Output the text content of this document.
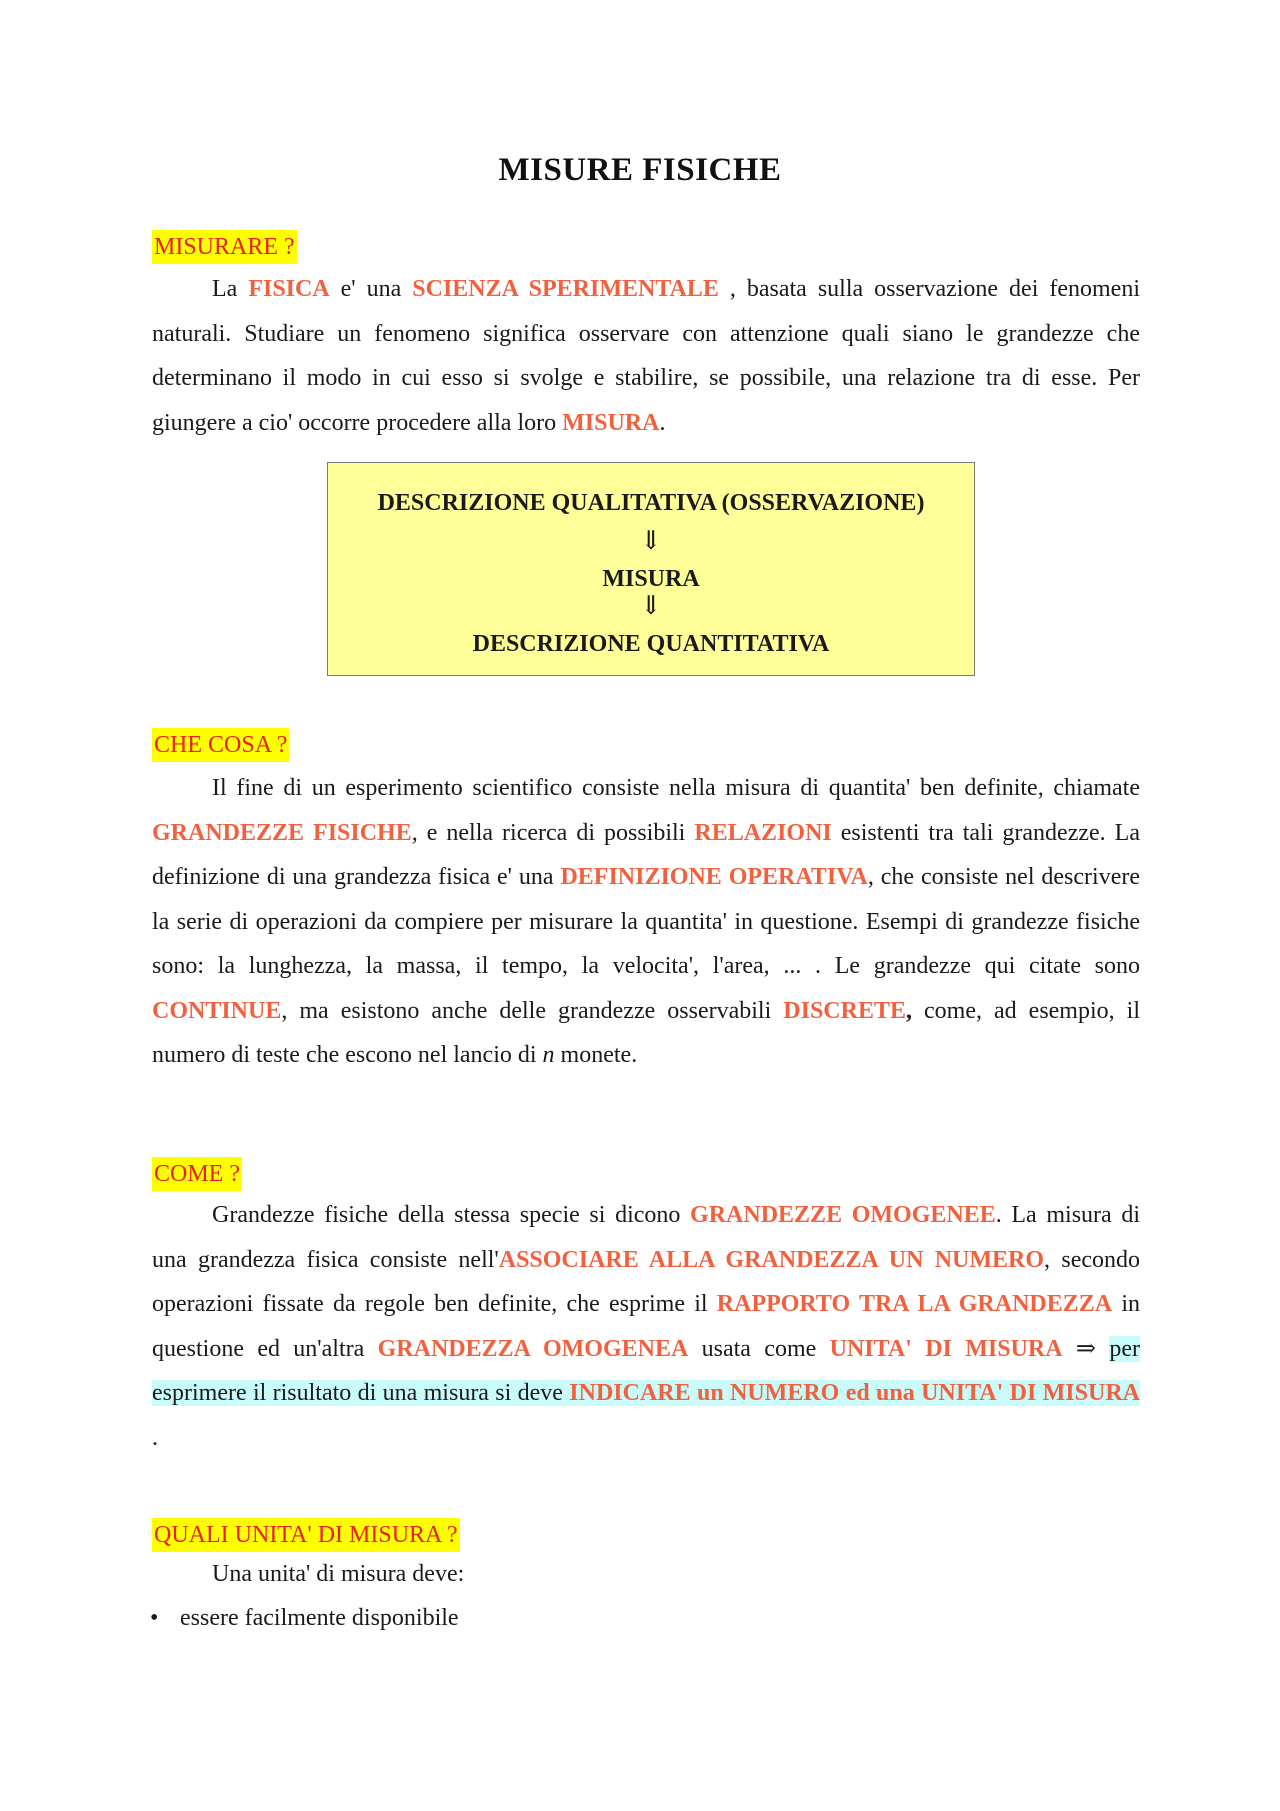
MISURE FISICHE
MISURARE ?
La FISICA e' una SCIENZA SPERIMENTALE , basata sulla osservazione dei fenomeni naturali. Studiare un fenomeno significa osservare con attenzione quali siano le grandezze che determinano il modo in cui esso si svolge e stabilire, se possibile, una relazione tra di esse. Per giungere a cio' occorre procedere alla loro MISURA.
DESCRIZIONE QUALITATIVA (OSSERVAZIONE)
⇓
MISURA
⇓
DESCRIZIONE QUANTITATIVA
CHE COSA ?
Il fine di un esperimento scientifico consiste nella misura di quantita' ben definite, chiamate GRANDEZZE FISICHE, e nella ricerca di possibili RELAZIONI esistenti tra tali grandezze. La definizione di una grandezza fisica e' una DEFINIZIONE OPERATIVA, che consiste nel descrivere la serie di operazioni da compiere per misurare la quantita' in questione. Esempi di grandezze fisiche sono: la lunghezza, la massa, il tempo, la velocita', l'area, ... . Le grandezze qui citate sono CONTINUE, ma esistono anche delle grandezze osservabili DISCRETE, come, ad esempio, il numero di teste che escono nel lancio di n monete.
COME ?
Grandezze fisiche della stessa specie si dicono GRANDEZZE OMOGENEE. La misura di una grandezza fisica consiste nell'ASSOCIARE ALLA GRANDEZZA UN NUMERO, secondo operazioni fissate da regole ben definite, che esprime il RAPPORTO TRA LA GRANDEZZA in questione ed un'altra GRANDEZZA OMOGENEA usata come UNITA' DI MISURA ⇒ per esprimere il risultato di una misura si deve INDICARE un NUMERO ed una UNITA' DI MISURA .
QUALI UNITA' DI MISURA ?
Una unita' di misura deve:
• essere facilmente disponibile
